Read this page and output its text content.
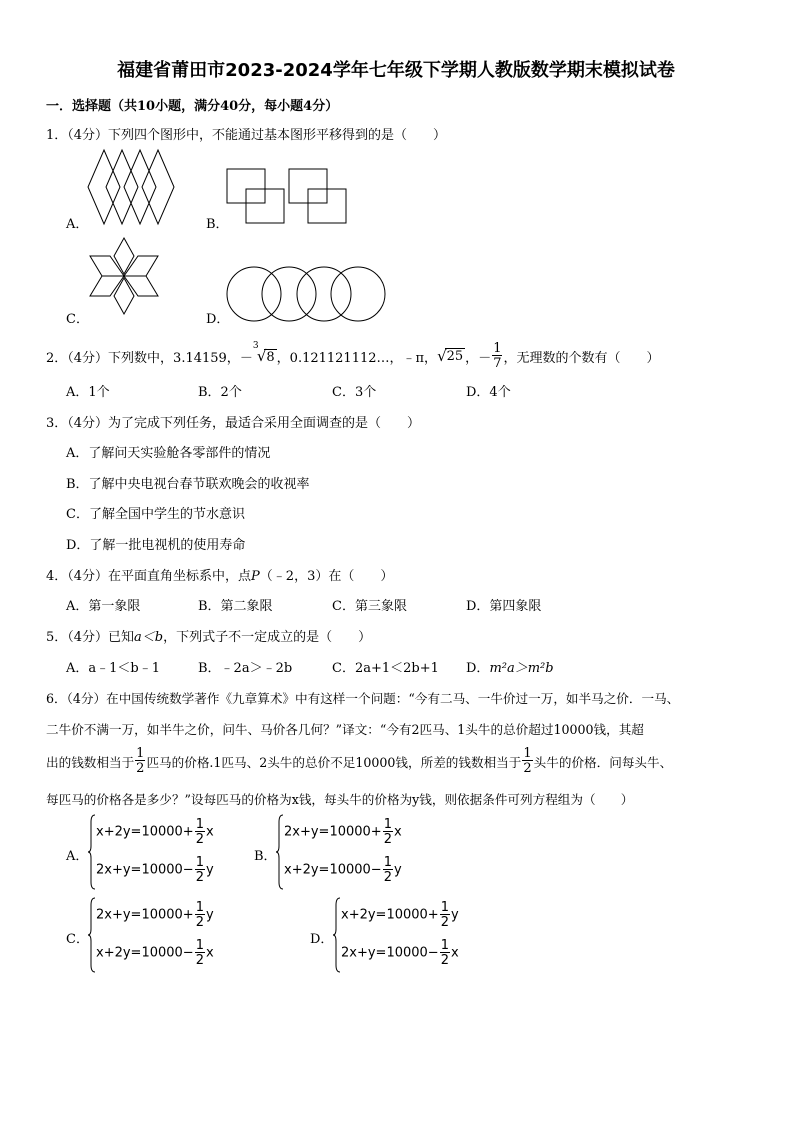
福建省莆田市2023-2024学年七年级下学期人教版数学期末模拟试卷
一．选择题（共10小题，满分40分，每小题4分）
1．（4分）下列四个图形中，不能通过基本图形平移得到的是（　　）
A．	B．
C．	D．
2．（4分）下列数中，3.14159， －
3
√8 ，0.121121112…，﹣π， √ 25 ， － $\frac{1}{7}$ ，无理数的个数有（　　）
A．1个	B．2个	C．3个	D．4个
3．（4分）为了完成下列任务，最适合采用全面调查的是（　　）
A．了解问天实验舱各零部件的情况
B．了解中央电视台春节联欢晚会的收视率
C．了解全国中学生的节水意识
D．了解一批电视机的使用寿命
4．（4分）在平面直角坐标系中，点P（﹣2，3）在（　　）
A．第一象限	B．第二象限	C．第三象限	D．第四象限
5．（4分）已知a＜b，下列式子不一定成立的是（　　）
A．a﹣1＜b﹣1	B．﹣2a＞﹣2b	C．2a+1＜2b+1 D．m²a＞m²b
6．（4分）在中国传统数学著作《九章算术》中有这样一个问题：“今有二马、一牛价过一万，如半马之价．一马、
二牛价不满一万，如半牛之价，问牛、马价各几何？”译文：“今有2匹马、1头牛的总价超过10000钱，其超
出的钱数相当于 $\frac{1}{2}$ 匹马的价格.1匹马、2头牛的总价不足10000钱，所差的钱数相当于 $\frac{1}{2}$ 头牛的价格．问每头牛、
每匹马的价格各是多少？”设每匹马的价格为x钱，每头牛的价格为y钱，则依据条件可列方程组为（　　）
A．
$x+2y=10000+ \frac{1}{2}$ x
$2x+y=10000- \frac{1}{2}$ y
B．
$2x+y=10000+ \frac{1}{2}$ x
$x+2y=10000- \frac{1}{2}$ y
C．
$2x+y=10000+ \frac{1}{2}$ y
$x+2y=10000- \frac{1}{2}$ x
D．
$x+2y=10000+ \frac{1}{2}$ y
$2x+y=10000- \frac{1}{2}$ x
